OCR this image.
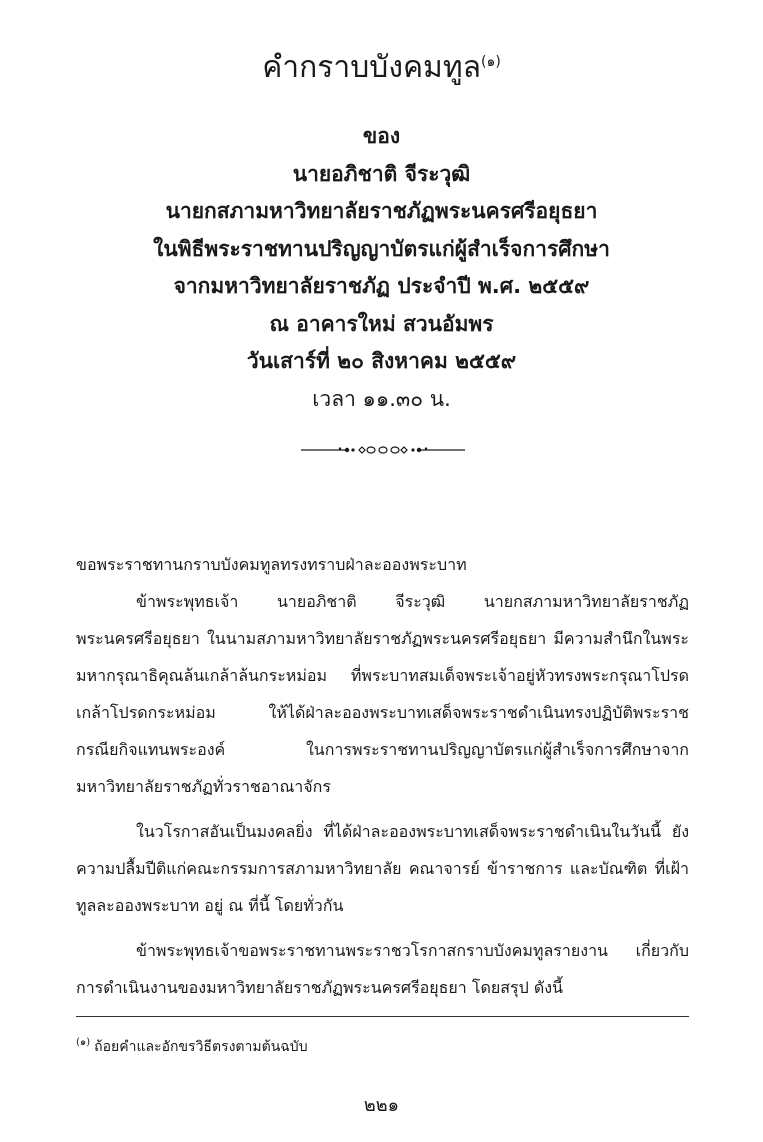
คำกราบบังคมทูล$^{(๑)}$
ของ
นายอภิชาติ จีระวุฒิ
นายกสภามหาวิทยาลัยราชภัฏพระนครศรีอยุธยา
ในพิธีพระราชทานปริญญาบัตรแก่ผู้สำเร็จการศึกษา
จากมหาวิทยาลัยราชภัฏ ประจำปี พ.ศ. ๒๕๕๙
ณ อาคารใหม่ สวนอัมพร
วันเสาร์ที่ ๒๐ สิงหาคม ๒๕๕๙
เวลา ๑๑.๓๐ น.
ขอพระราชทานกราบบังคมทูลทรงทราบฝ่าละอองพระบาท
ข้าพระพุทธเจ้า นายอภิชาติ จีระวุฒิ นายกสภามหาวิทยาลัยราชภัฏพระนครศรีอยุธยา ในนามสภามหาวิทยาลัยราชภัฏพระนครศรีอยุธยา มีความสำนึกในพระมหากรุณาธิคุณล้นเกล้าล้นกระหม่อม ที่พระบาทสมเด็จพระเจ้าอยู่หัวทรงพระกรุณาโปรดเกล้าโปรดกระหม่อม ให้ได้ฝ่าละอองพระบาทเสด็จพระราชดำเนินทรงปฏิบัติพระราชกรณียกิจแทนพระองค์ ในการพระราชทานปริญญาบัตรแก่ผู้สำเร็จการศึกษาจากมหาวิทยาลัยราชภัฏทั่วราชอาณาจักร
ในวโรกาสอันเป็นมงคลยิ่ง ที่ได้ฝ่าละอองพระบาทเสด็จพระราชดำเนินในวันนี้ ยังความปลื้มปีติแก่คณะกรรมการสภามหาวิทยาลัย คณาจารย์ ข้าราชการ และบัณฑิต ที่เฝ้าทูลละอองพระบาท อยู่ ณ ที่นี้ โดยทั่วกัน
ข้าพระพุทธเจ้าขอพระราชทานพระราชวโรกาสกราบบังคมทูลรายงาน เกี่ยวกับการดำเนินงานของมหาวิทยาลัยราชภัฏพระนครศรีอยุธยา โดยสรุป ดังนี้
$^{(๑)}$ ถ้อยคำและอักขรวิธีตรงตามต้นฉบับ
๒๒๑
